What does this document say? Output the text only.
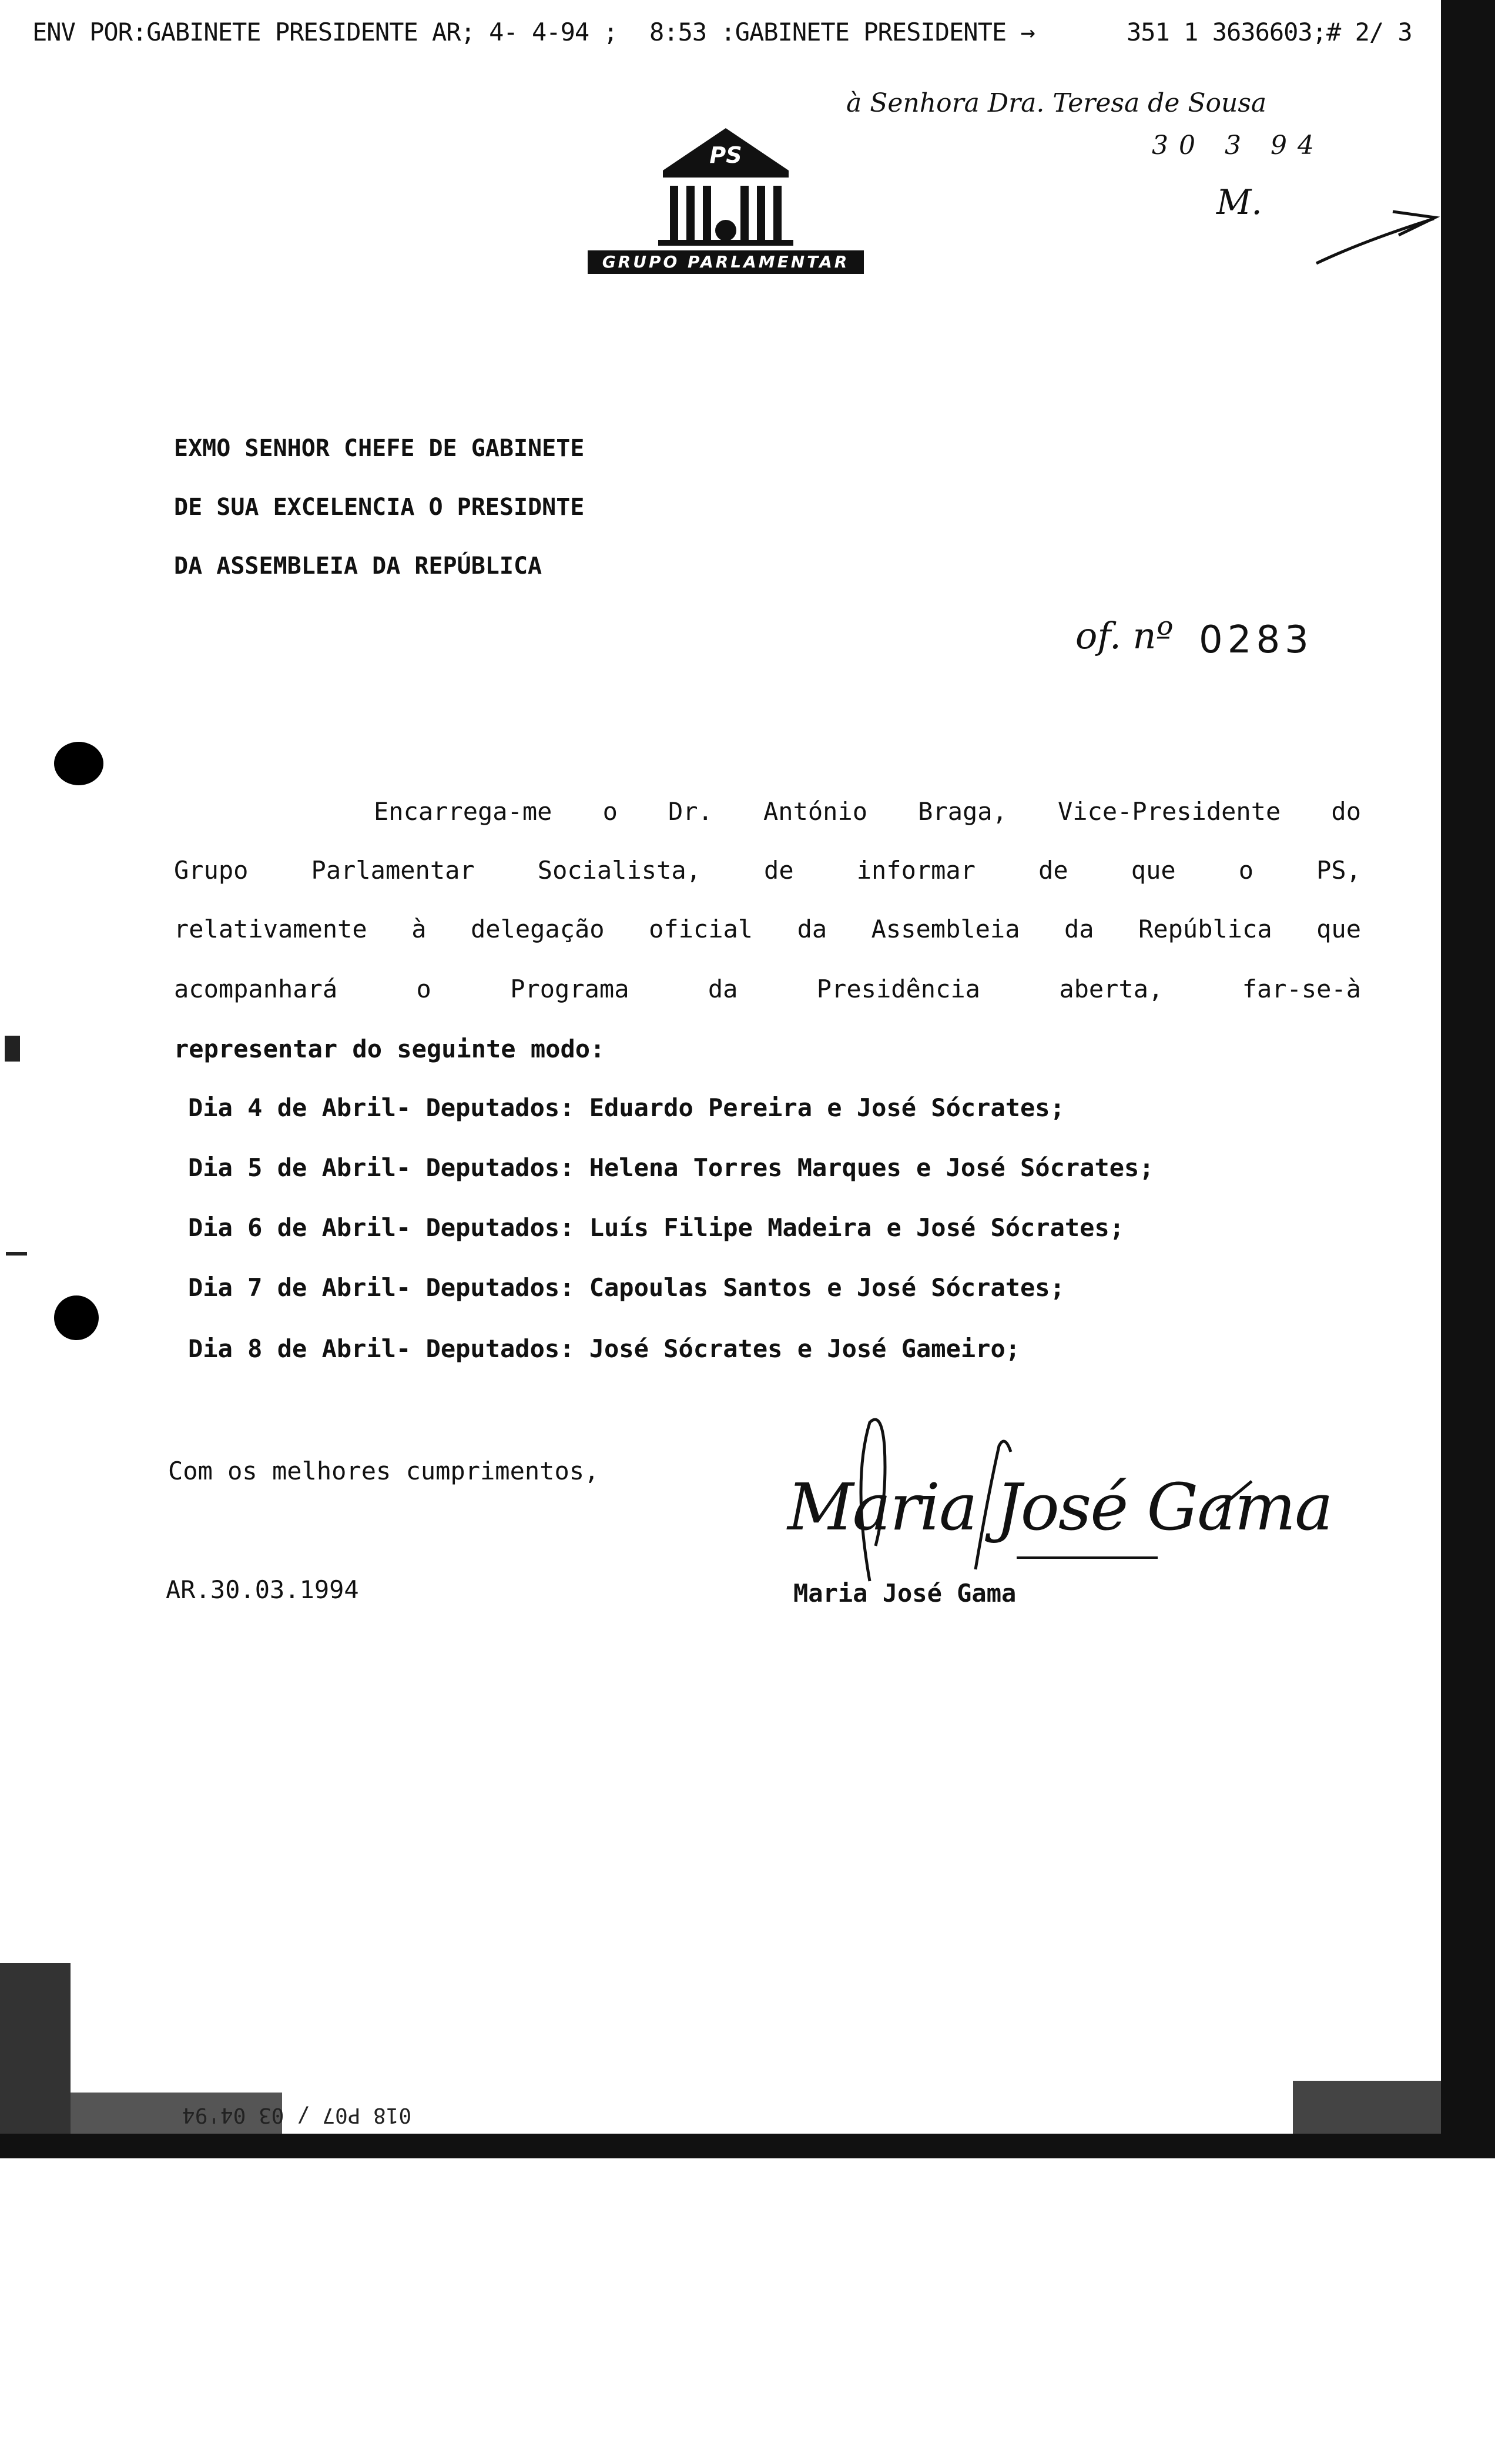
ENV POR:GABINETE PRESIDENTE AR; 4- 4-94 ; 8:53 :GABINETE PRESIDENTE →	351 1 3636603;# 2/ 3
à Senhora Dra. Teresa de Sousa
30 3 94
M.
PS
GRUPO PARLAMENTAR
EXMO SENHOR CHEFE DE GABINETE
DE SUA EXCELENCIA O PRESIDNTE
DA ASSEMBLEIA DA REPÚBLICA
of. nº 0283
Encarrega-me o Dr. António Braga, Vice-Presidente do
Grupo Parlamentar Socialista, de informar de que o PS,
relativamente à delegação oficial da Assembleia da República que
acompanhará o Programa da Presidência aberta, far-se-à
representar do seguinte modo:
Dia 4 de Abril- Deputados: Eduardo Pereira e José Sócrates;
Dia 5 de Abril- Deputados: Helena Torres Marques e José Sócrates;
Dia 6 de Abril- Deputados: Luís Filipe Madeira e José Sócrates;
Dia 7 de Abril- Deputados: Capoulas Santos e José Sócrates;
Dia 8 de Abril- Deputados: José Sócrates e José Gameiro;
Com os melhores cumprimentos,
AR.30.03.1994
Maria José Gama
Maria José Gama
018 P07 / 03 04'94
